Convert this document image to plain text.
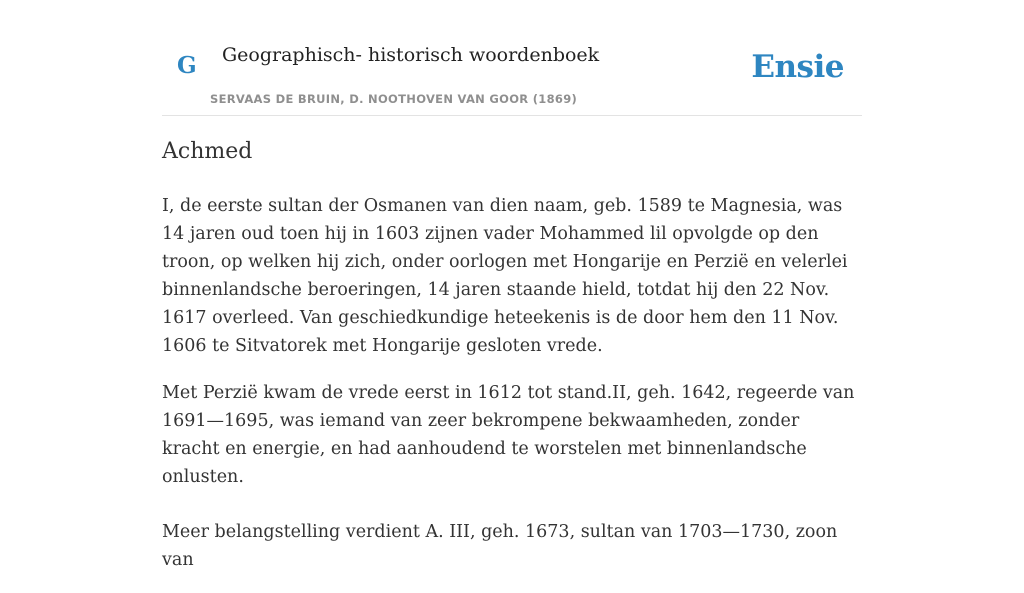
G Geographisch- historisch woordenboek
SERVAAS DE BRUIN, D. NOOTHOVEN VAN GOOR (1869)
Ensie
Achmed

I, de eerste sultan der Osmanen van dien naam, geb. 1589 te Magnesia, was 14 jaren oud toen hij in 1603 zijnen vader Mohammed lil opvolgde op den troon, op welken hij zich, onder oorlogen met Hongarije en Perzië en velerlei binnenlandsche beroeringen, 14 jaren staande hield, totdat hij den 22 Nov. 1617 overleed. Van geschiedkundige heteekenis is de door hem den 11 Nov. 1606 te Sitvatorek met Hongarije gesloten vrede.

Met Perzië kwam de vrede eerst in 1612 tot stand.II, geh. 1642, regeerde van 1691—1695, was iemand van zeer bekrompene bekwaamheden, zonder kracht en energie, en had aanhoudend te worstelen met binnenlandsche onlusten.

Meer belangstelling verdient A. III, geh. 1673, sultan van 1703—1730, zoon van
